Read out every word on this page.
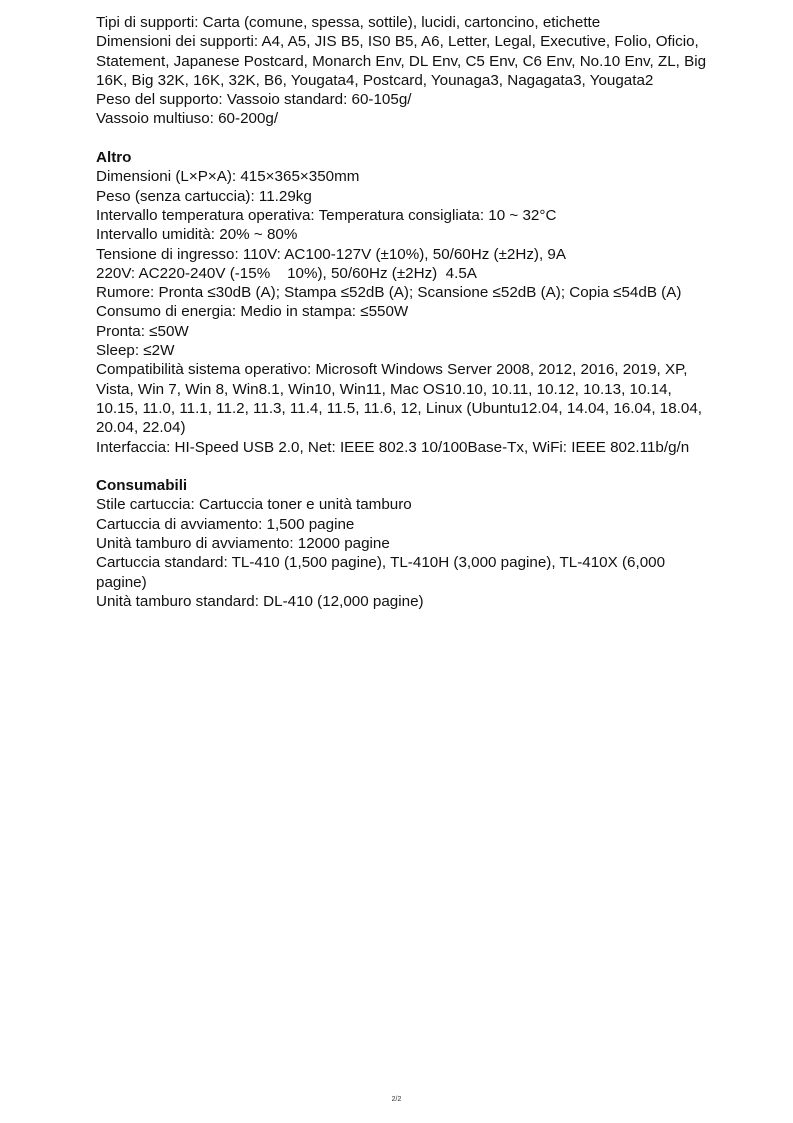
Tipi di supporti: Carta (comune, spessa, sottile), lucidi, cartoncino, etichette
Dimensioni dei supporti: A4, A5, JIS B5, IS0 B5, A6, Letter, Legal, Executive, Folio, Oficio,
Statement, Japanese Postcard, Monarch Env, DL Env, C5 Env, C6 Env, No.10 Env, ZL, Big
16K, Big 32K, 16K, 32K, B6, Yougata4, Postcard, Younaga3, Nagagata3, Yougata2
Peso del supporto: Vassoio standard: 60-105g/
Vassoio multiuso: 60-200g/
Altro
Dimensioni (L×P×A): 415×365×350mm
Peso (senza cartuccia): 11.29kg
Intervallo temperatura operativa: Temperatura consigliata: 10 ~ 32°C
Intervallo umidità: 20% ~ 80%
Tensione di ingresso: 110V: AC100-127V (±10%), 50/60Hz (±2Hz), 9A
220V: AC220-240V (-15%    10%), 50/60Hz (±2Hz)  4.5A
Rumore: Pronta ≤30dB (A); Stampa ≤52dB (A); Scansione ≤52dB (A); Copia ≤54dB (A)
Consumo di energia: Medio in stampa: ≤550W
Pronta: ≤50W
Sleep: ≤2W
Compatibilità sistema operativo: Microsoft Windows Server 2008, 2012, 2016, 2019, XP,
Vista, Win 7, Win 8, Win8.1, Win10, Win11, Mac OS10.10, 10.11, 10.12, 10.13, 10.14,
10.15, 11.0, 11.1, 11.2, 11.3, 11.4, 11.5, 11.6, 12, Linux (Ubuntu12.04, 14.04, 16.04, 18.04,
20.04, 22.04)
Interfaccia: HI-Speed USB 2.0, Net: IEEE 802.3 10/100Base-Tx, WiFi: IEEE 802.11b/g/n
Consumabili
Stile cartuccia: Cartuccia toner e unità tamburo
Cartuccia di avviamento: 1,500 pagine
Unità tamburo di avviamento: 12000 pagine
Cartuccia standard: TL-410 (1,500 pagine), TL-410H (3,000 pagine), TL-410X (6,000
pagine)
Unità tamburo standard: DL-410 (12,000 pagine)
2/2
